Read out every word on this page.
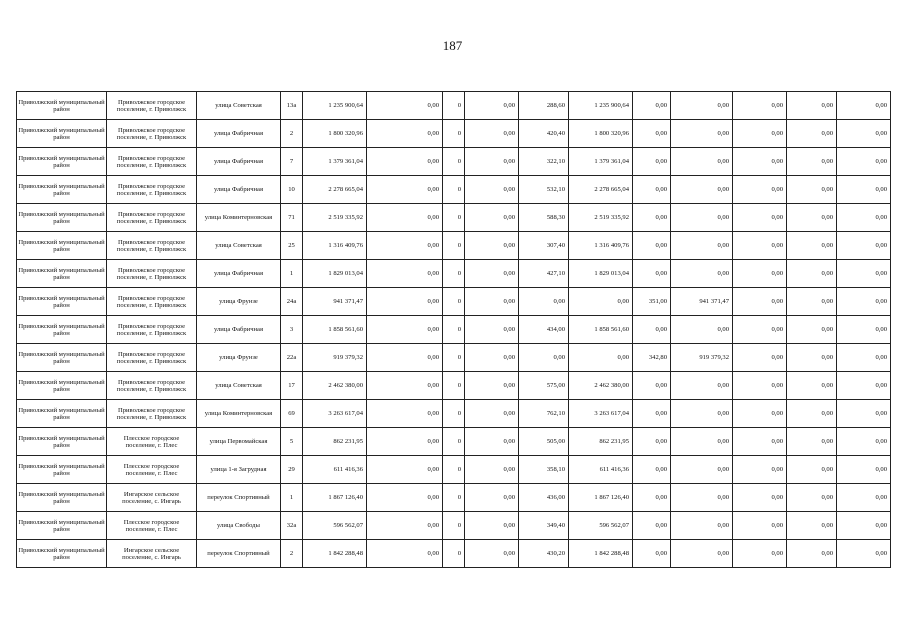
187
Приволжский муниципальный район	Приволжское городское поселение, г. Приволжск	улица Советская	13а	1 235 900,64	0,00	0	0,00	288,60	1 235 900,64	0,00	0,00	0,00	0,00	0,00
Приволжский муниципальный район	Приволжское городское поселение, г. Приволжск	улица Фабричная	2	1 800 320,96	0,00	0	0,00	420,40	1 800 320,96	0,00	0,00	0,00	0,00	0,00
Приволжский муниципальный район	Приволжское городское поселение, г. Приволжск	улица Фабричная	7	1 379 361,04	0,00	0	0,00	322,10	1 379 361,04	0,00	0,00	0,00	0,00	0,00
Приволжский муниципальный район	Приволжское городское поселение, г. Приволжск	улица Фабричная	10	2 278 665,04	0,00	0	0,00	532,10	2 278 665,04	0,00	0,00	0,00	0,00	0,00
Приволжский муниципальный район	Приволжское городское поселение, г. Приволжск	улица Коминтерновская	71	2 519 335,92	0,00	0	0,00	588,30	2 519 335,92	0,00	0,00	0,00	0,00	0,00
Приволжский муниципальный район	Приволжское городское поселение, г. Приволжск	улица Советская	25	1 316 409,76	0,00	0	0,00	307,40	1 316 409,76	0,00	0,00	0,00	0,00	0,00
Приволжский муниципальный район	Приволжское городское поселение, г. Приволжск	улица Фабричная	1	1 829 013,04	0,00	0	0,00	427,10	1 829 013,04	0,00	0,00	0,00	0,00	0,00
Приволжский муниципальный район	Приволжское городское поселение, г. Приволжск	улица Фрунзе	24а	941 371,47	0,00	0	0,00	0,00	0,00	351,00	941 371,47	0,00	0,00	0,00
Приволжский муниципальный район	Приволжское городское поселение, г. Приволжск	улица Фабричная	3	1 858 561,60	0,00	0	0,00	434,00	1 858 561,60	0,00	0,00	0,00	0,00	0,00
Приволжский муниципальный район	Приволжское городское поселение, г. Приволжск	улица Фрунзе	22а	919 379,32	0,00	0	0,00	0,00	0,00	342,80	919 379,32	0,00	0,00	0,00
Приволжский муниципальный район	Приволжское городское поселение, г. Приволжск	улица Советская	17	2 462 380,00	0,00	0	0,00	575,00	2 462 380,00	0,00	0,00	0,00	0,00	0,00
Приволжский муниципальный район	Приволжское городское поселение, г. Приволжск	улица Коминтерновская	69	3 263 617,04	0,00	0	0,00	762,10	3 263 617,04	0,00	0,00	0,00	0,00	0,00
Приволжский муниципальный район	Плесское городское поселение, г. Плес	улица Первомайская	5	862 231,95	0,00	0	0,00	505,00	862 231,95	0,00	0,00	0,00	0,00	0,00
Приволжский муниципальный район	Плесское городское поселение, г. Плес	улица 1-я Загрудная	29	611 416,36	0,00	0	0,00	358,10	611 416,36	0,00	0,00	0,00	0,00	0,00
Приволжский муниципальный район	Ингарское сельское поселение, с. Ингарь	переулок Спортивный	1	1 867 126,40	0,00	0	0,00	436,00	1 867 126,40	0,00	0,00	0,00	0,00	0,00
Приволжский муниципальный район	Плесское городское поселение, г. Плес	улица Свободы	32а	596 562,07	0,00	0	0,00	349,40	596 562,07	0,00	0,00	0,00	0,00	0,00
Приволжский муниципальный район	Ингарское сельское поселение, с. Ингарь	переулок Спортивный	2	1 842 288,48	0,00	0	0,00	430,20	1 842 288,48	0,00	0,00	0,00	0,00	0,00
